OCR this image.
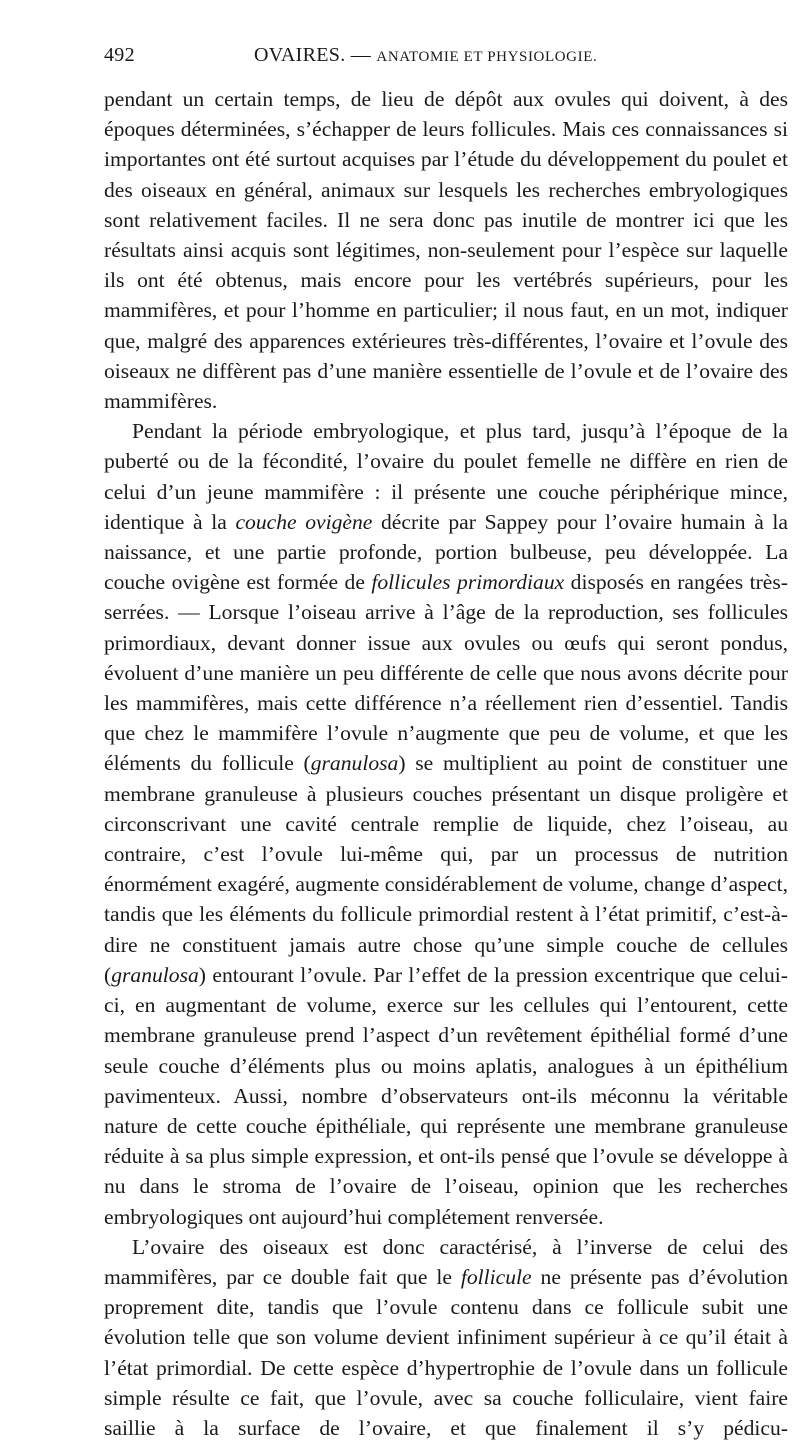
492	OVAIRES. — ANATOMIE ET PHYSIOLOGIE.

pendant un certain temps, de lieu de dépôt aux ovules qui doivent, à des époques déterminées, s’échapper de leurs follicules. Mais ces connaissances si importantes ont été surtout acquises par l’étude du développement du poulet et des oiseaux en général, animaux sur lesquels les recherches embryologiques sont relativement faciles. Il ne sera donc pas inutile de montrer ici que les résultats ainsi acquis sont légitimes, non-seulement pour l’espèce sur laquelle ils ont été obtenus, mais encore pour les vertébrés supérieurs, pour les mammifères, et pour l’homme en particulier; il nous faut, en un mot, indiquer que, malgré des apparences extérieures très-différentes, l’ovaire et l’ovule des oiseaux ne diffèrent pas d’une manière essentielle de l’ovule et de l’ovaire des mammifères.

Pendant la période embryologique, et plus tard, jusqu’à l’époque de la puberté ou de la fécondité, l’ovaire du poulet femelle ne diffère en rien de celui d’un jeune mammifère : il présente une couche périphérique mince, identique à la couche ovigène décrite par Sappey pour l’ovaire humain à la naissance, et une partie profonde, portion bulbeuse, peu développée. La couche ovigène est formée de follicules primordiaux disposés en rangées très-serrées. — Lorsque l’oiseau arrive à l’âge de la reproduction, ses follicules primordiaux, devant donner issue aux ovules ou œufs qui seront pondus, évoluent d’une manière un peu différente de celle que nous avons décrite pour les mammifères, mais cette différence n’a réellement rien d’essentiel. Tandis que chez le mammifère l’ovule n’augmente que peu de volume, et que les éléments du follicule (granulosa) se multiplient au point de constituer une membrane granuleuse à plusieurs couches présentant un disque proligère et circonscrivant une cavité centrale remplie de liquide, chez l’oiseau, au contraire, c’est l’ovule lui-même qui, par un processus de nutrition énormément exagéré, augmente considérablement de volume, change d’aspect, tandis que les éléments du follicule primordial restent à l’état primitif, c’est-à-dire ne constituent jamais autre chose qu’une simple couche de cellules (granulosa) entourant l’ovule. Par l’effet de la pression excentrique que celui-ci, en augmentant de volume, exerce sur les cellules qui l’entourent, cette membrane granuleuse prend l’aspect d’un revêtement épithélial formé d’une seule couche d’éléments plus ou moins aplatis, analogues à un épithélium pavimenteux. Aussi, nombre d’observateurs ont-ils méconnu la véritable nature de cette couche épithéliale, qui représente une membrane granuleuse réduite à sa plus simple expression, et ont-ils pensé que l’ovule se développe à nu dans le stroma de l’ovaire de l’oiseau, opinion que les recherches embryologiques ont aujourd’hui complétement renversée.

L’ovaire des oiseaux est donc caractérisé, à l’inverse de celui des mammifères, par ce double fait que le follicule ne présente pas d’évolution proprement dite, tandis que l’ovule contenu dans ce follicule subit une évolution telle que son volume devient infiniment supérieur à ce qu’il était à l’état primordial. De cette espèce d’hypertrophie de l’ovule dans un follicule simple résulte ce fait, que l’ovule, avec sa couche folliculaire, vient faire saillie à la surface de l’ovaire, et que finalement il s’y pédicu-
